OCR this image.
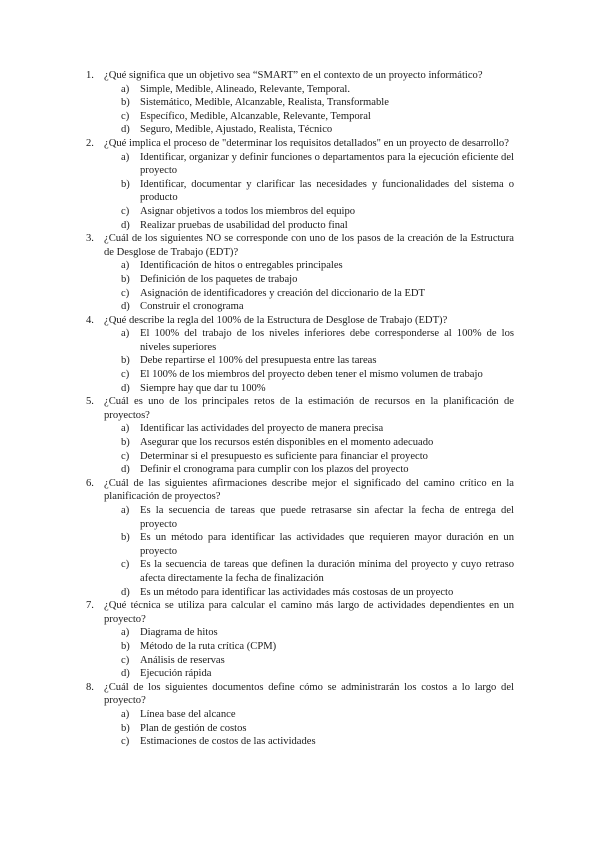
1. ¿Qué significa que un objetivo sea “SMART” en el contexto de un proyecto informático?
a) Simple, Medible, Alineado, Relevante, Temporal.
b) Sistemático, Medible, Alcanzable, Realista, Transformable
c) Específico, Medible, Alcanzable, Relevante, Temporal
d) Seguro, Medible, Ajustado, Realista, Técnico
2. ¿Qué implica el proceso de "determinar los requisitos detallados" en un proyecto de desarrollo?
a) Identificar, organizar y definir funciones o departamentos para la ejecución eficiente del proyecto
b) Identificar, documentar y clarificar las necesidades y funcionalidades del sistema o producto
c) Asignar objetivos a todos los miembros del equipo
d) Realizar pruebas de usabilidad del producto final
3. ¿Cuál de los siguientes NO se corresponde con uno de los pasos de la creación de la Estructura de Desglose de Trabajo (EDT)?
a) Identificación de hitos o entregables principales
b) Definición de los paquetes de trabajo
c) Asignación de identificadores y creación del diccionario de la EDT
d) Construir el cronograma
4. ¿Qué describe la regla del 100% de la Estructura de Desglose de Trabajo (EDT)?
a) El 100% del trabajo de los niveles inferiores debe corresponderse al 100% de los niveles superiores
b) Debe repartirse el 100% del presupuesta entre las tareas
c) El 100% de los miembros del proyecto deben tener el mismo volumen de trabajo
d) Siempre hay que dar tu 100%
5. ¿Cuál es uno de los principales retos de la estimación de recursos en la planificación de proyectos?
a) Identificar las actividades del proyecto de manera precisa
b) Asegurar que los recursos estén disponibles en el momento adecuado
c) Determinar si el presupuesto es suficiente para financiar el proyecto
d) Definir el cronograma para cumplir con los plazos del proyecto
6. ¿Cuál de las siguientes afirmaciones describe mejor el significado del camino crítico en la planificación de proyectos?
a) Es la secuencia de tareas que puede retrasarse sin afectar la fecha de entrega del proyecto
b) Es un método para identificar las actividades que requieren mayor duración en un proyecto
c) Es la secuencia de tareas que definen la duración mínima del proyecto y cuyo retraso afecta directamente la fecha de finalización
d) Es un método para identificar las actividades más costosas de un proyecto
7. ¿Qué técnica se utiliza para calcular el camino más largo de actividades dependientes en un proyecto?
a) Diagrama de hitos
b) Método de la ruta crítica (CPM)
c) Análisis de reservas
d) Ejecución rápida
8. ¿Cuál de los siguientes documentos define cómo se administrarán los costos a lo largo del proyecto?
a) Línea base del alcance
b) Plan de gestión de costos
c) Estimaciones de costos de las actividades
